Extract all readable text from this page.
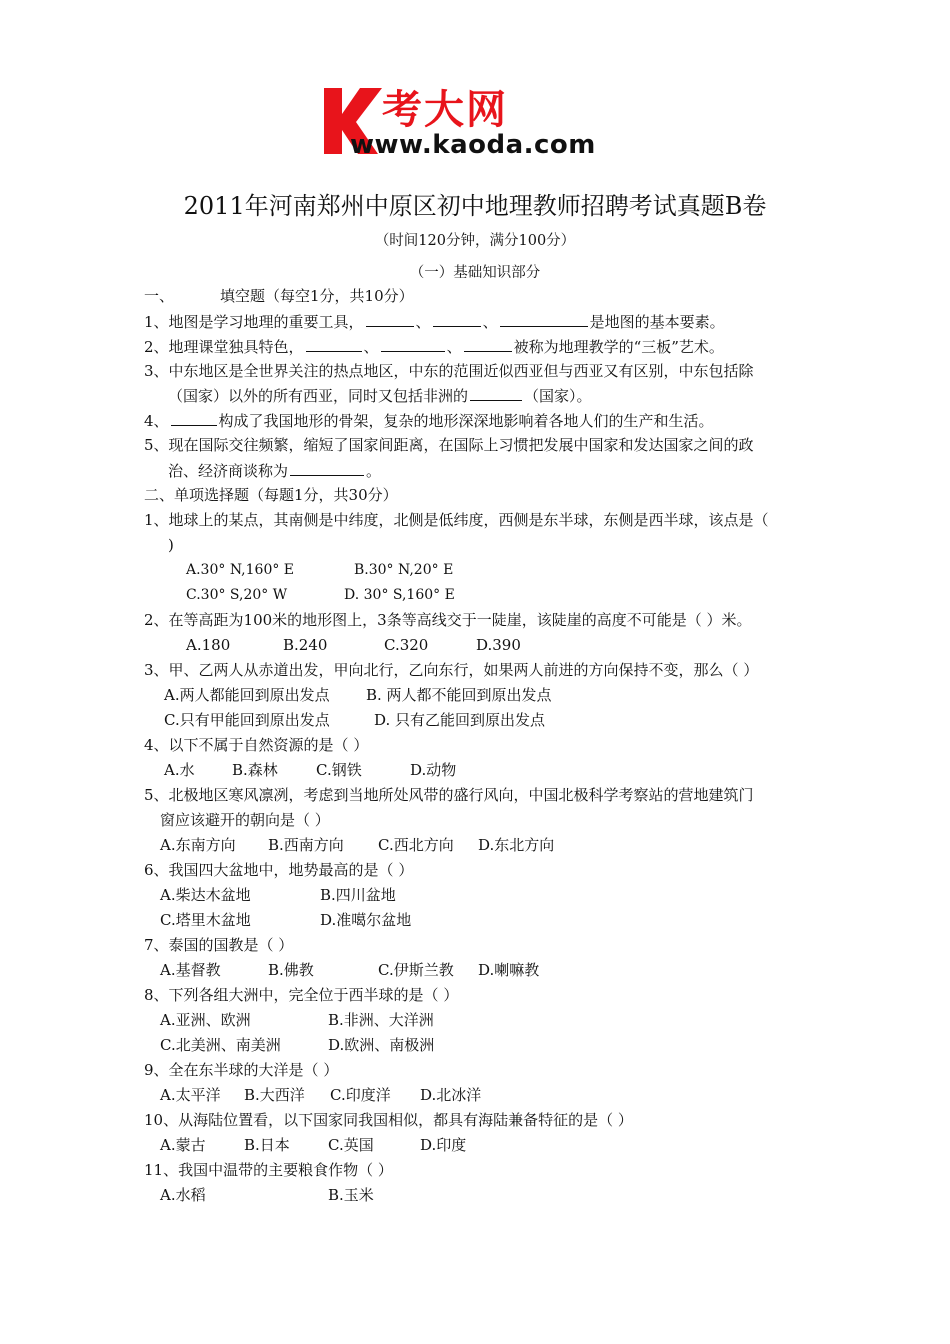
考大网
www.kaoda.com
2011年河南郑州中原区初中地理教师招聘考试真题B卷
（时间120分钟，满分100分）
（一）基础知识部分
一、	填空题（每空1分，共10分）
1、地图是学习地理的重要工具，	、	、	是地图的基本要素。
2、地理课堂独具特色，	、	、	被称为地理教学的“三板”艺术。
3、中东地区是全世界关注的热点地区，中东的范围近似西亚但与西亚又有区别，中东包括除
（国家）以外的所有西亚，同时又包括非洲的	（国家）。
4、	构成了我国地形的骨架，复杂的地形深深地影响着各地人们的生产和生活。
5、现在国际交往频繁，缩短了国家间距离，在国际上习惯把发展中国家和发达国家之间的政
治、经济商谈称为	。
二、单项选择题（每题1分，共30分）
1、地球上的某点，其南侧是中纬度，北侧是低纬度，西侧是东半球，东侧是西半球，该点是（
)
A.30° N,160° E	B.30° N,20° E
C.30° S,20° W	D. 30° S,160° E
2、在等高距为100米的地形图上，3条等高线交于一陡崖，该陡崖的高度不可能是（ ）米。
A.180	B.240	C.320	D.390
3、甲、乙两人从赤道出发，甲向北行，乙向东行，如果两人前进的方向保持不变，那么（ ）
A.两人都能回到原出发点 B. 两人都不能回到原出发点
C.只有甲能回到原出发点	D. 只有乙能回到原出发点
4、以下不属于自然资源的是（ ）
A.水 B.森林	C.钢铁	D.动物
5、北极地区寒风凛冽，考虑到当地所处风带的盛行风向，中国北极科学考察站的营地建筑门
窗应该避开的朝向是（ ）
A.东南方向 B.西南方向 C.西北方向 D.东北方向
6、我国四大盆地中，地势最高的是（ ）
A.柴达木盆地	B.四川盆地
C.塔里木盆地	D.准噶尔盆地
7、泰国的国教是（ ）
A.基督教	B.佛教	C.伊斯兰教 D.喇嘛教
8、下列各组大洲中，完全位于西半球的是（ ）
A.亚洲、欧洲	B.非洲、大洋洲
C.北美洲、南美洲	D.欧洲、南极洲
9、全在东半球的大洋是（ ）
A.太平洋 B.大西洋 C.印度洋 D.北冰洋
10、从海陆位置看，以下国家同我国相似，都具有海陆兼备特征的是（ ）
A.蒙古	B.日本	C.英国	D.印度
11、我国中温带的主要粮食作物（ ）
A.水稻	B.玉米
